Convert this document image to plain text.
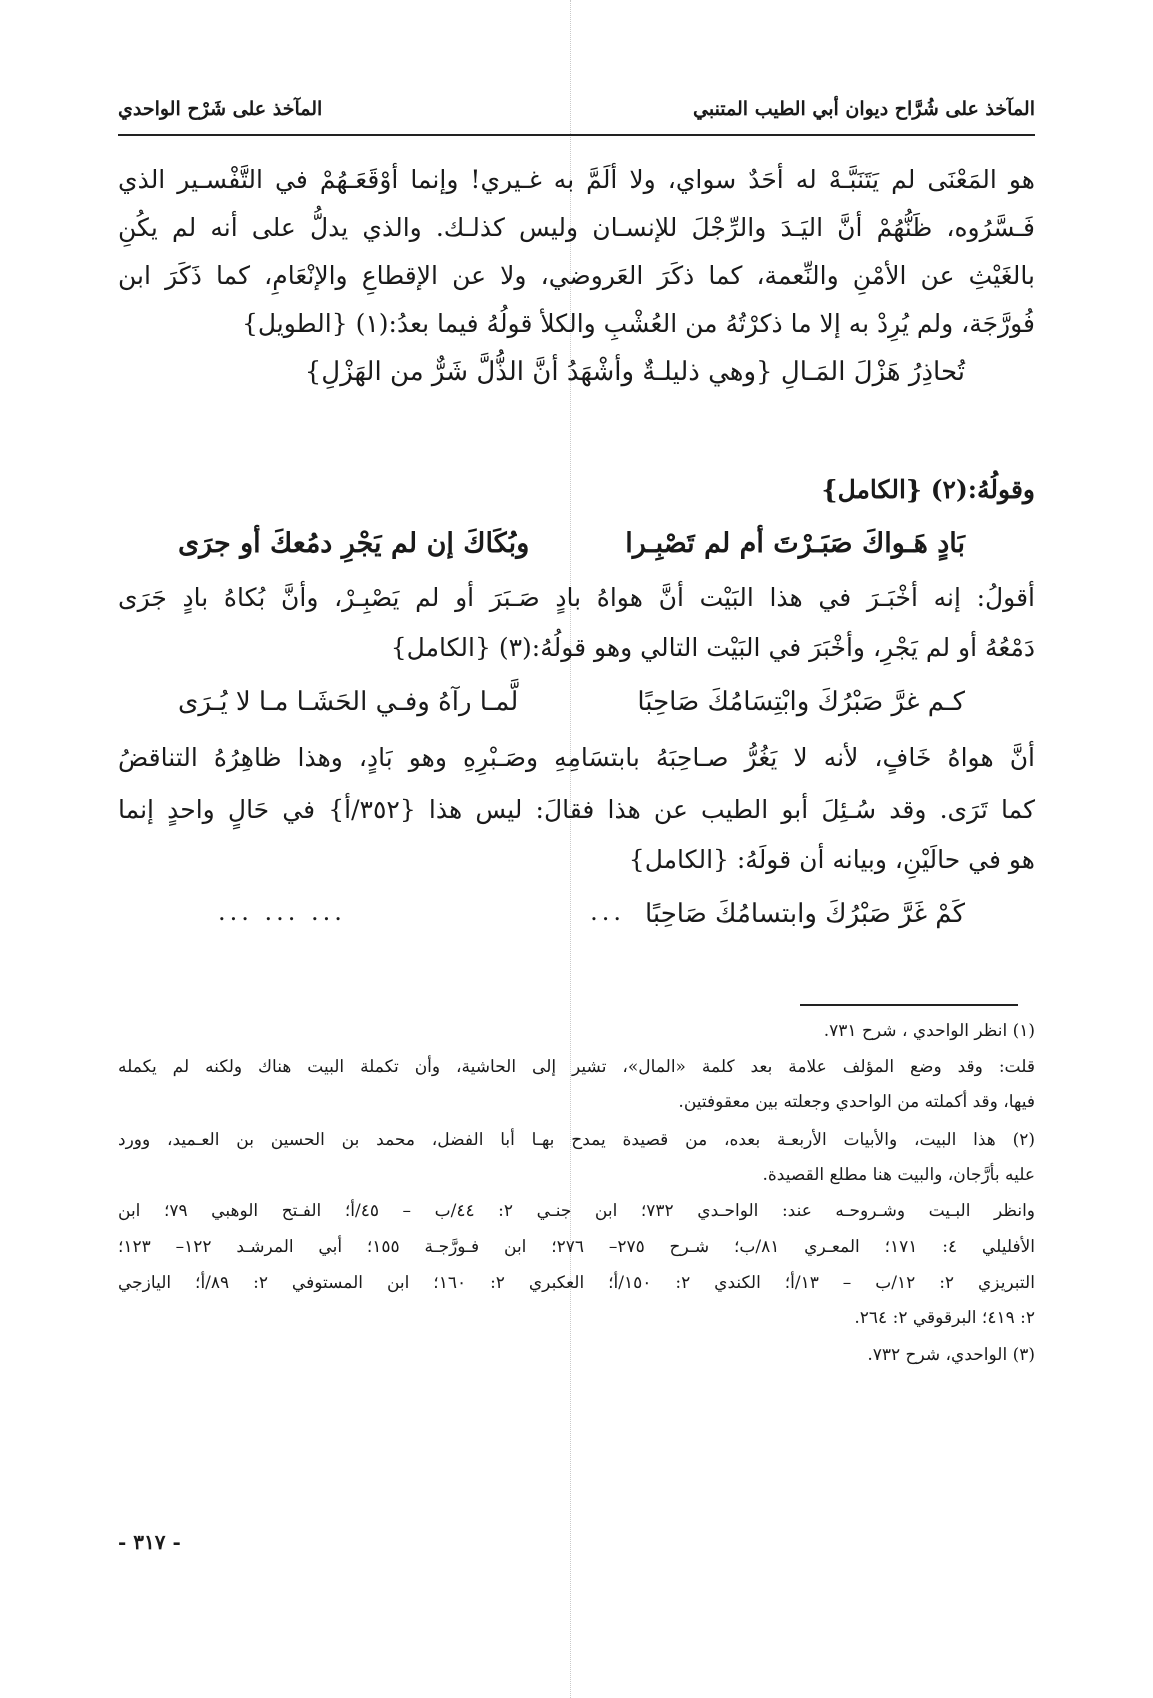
المآخذ على شُرَّاح ديوان أبي الطيب المتنبي
المآخذ على شَرْح الواحدي
هو المَعْنَى لم يَتَنَبَّـهْ له أحَدٌ سواي، ولا ألَمَّ به غـيري! وإنما أوْقَعَـهُمْ في التَّفْسـير الذي
فَـسَّرُوه، ظَنُّهُمْ أنَّ اليَـدَ والرِّجْلَ للإنسـان وليس كذلـك. والذي يدلُّ على أنه لم يكُنِ
بالغَيْثِ عن الأمْنِ والنِّعمة، كما ذكَرَ العَروضي، ولا عن الإقطاعِ والإنْعَامِ، كما ذَكَرَ ابن
فُورَّجَة، ولم يُرِدْ به إلا ما ذكرْتُهُ من العُشْبِ والكلأ قولُهُ فيما بعدُ:(١) {الطويل}
تُحاذِرُ هَزْلَ المَـالِ {وهي ذليلـةٌ وأشْهَدُ أنَّ الذُّلَّ شَرٌّ من الهَزْلِ}
وقولُهُ:(٢) {الكامل}
بَادٍ هَـواكَ صَبَـرْتَ أم لم تَصْبِـرا
وبُكَاكَ إن لم يَجْرِ دمُعكَ أو جرَى
أقولُ: إنه أخْبَـرَ في هذا البَيْت أنَّ هواهُ بادٍ صَـبَرَ أو لم يَصْبِـرْ، وأنَّ بُكاهُ بادٍ جَرَى
دَمْعُهُ أو لم يَجْرِ، وأخْبَرَ في البَيْت التالي وهو قولُهُ:(٣) {الكامل}
كـم غرَّ صَبْرُكَ وابْتِسَامُكَ صَاحِبًا
لَّمـا رآهُ وفـي الحَشَـا مـا لا يُـرَى
أنَّ هواهُ خَافٍ، لأنه لا يَغُرُّ صـاحِبَهُ بابتسَامِهِ وصَـبْرِهِ وهو بَادٍ، وهذا ظاهِرُهُ التناقضُ
كما تَرَى. وقد سُـئِلَ أبو الطيب عن هذا فقالَ: ليس هذا {٣٥٢/أ} في حَالٍ واحدٍ إنما
هو في حالَيْنِ، وبيانه أن قولَهُ: {الكامل}
كَمْ غَرَّ صَبْرُكَ وابتسامُكَ صَاحِبًا
...
... ... ...
(١) انظر الواحدي ، شرح ٧٣١.
قلت: وقد وضع المؤلف علامة بعد كلمة «المال»، تشير إلى الحاشية، وأن تكملة البيت هناك ولكنه لم يكمله
فيها، وقد أكملته من الواحدي وجعلته بين معقوفتين.
(٢) هذا البيت، والأبيات الأربعـة بعده، من قصيدة يمدح بهـا أبا الفضل، محمد بن الحسين بن العـميد، وورد
عليه بأرَّجان، والبيت هنا مطلع القصيدة.
وانظر البـيت وشـروحـه عند: الواحـدي ٧٣٢؛ ابن جنـي ٢: ٤٤/ب – ٤٥/أ؛ الفـتح الوهبي ٧٩؛ ابن
الأفليلي ٤: ١٧١؛ المعـري ٨١/ب؛ شـرح ٢٧٥– ٢٧٦؛ ابن فـورَّجـة ١٥٥؛ أبي المرشـد ١٢٢– ١٢٣؛
التبريزي ٢: ١٢/ب – ١٣/أ؛ الكندي ٢: ١٥٠/أ؛ العكبري ٢: ١٦٠؛ ابن المستوفي ٢: ٨٩/أ؛ اليازجي
٢: ٤١٩؛ البرقوقي ٢: ٢٦٤.
(٣) الواحدي، شرح ٧٣٢.
- ٣١٧ -
